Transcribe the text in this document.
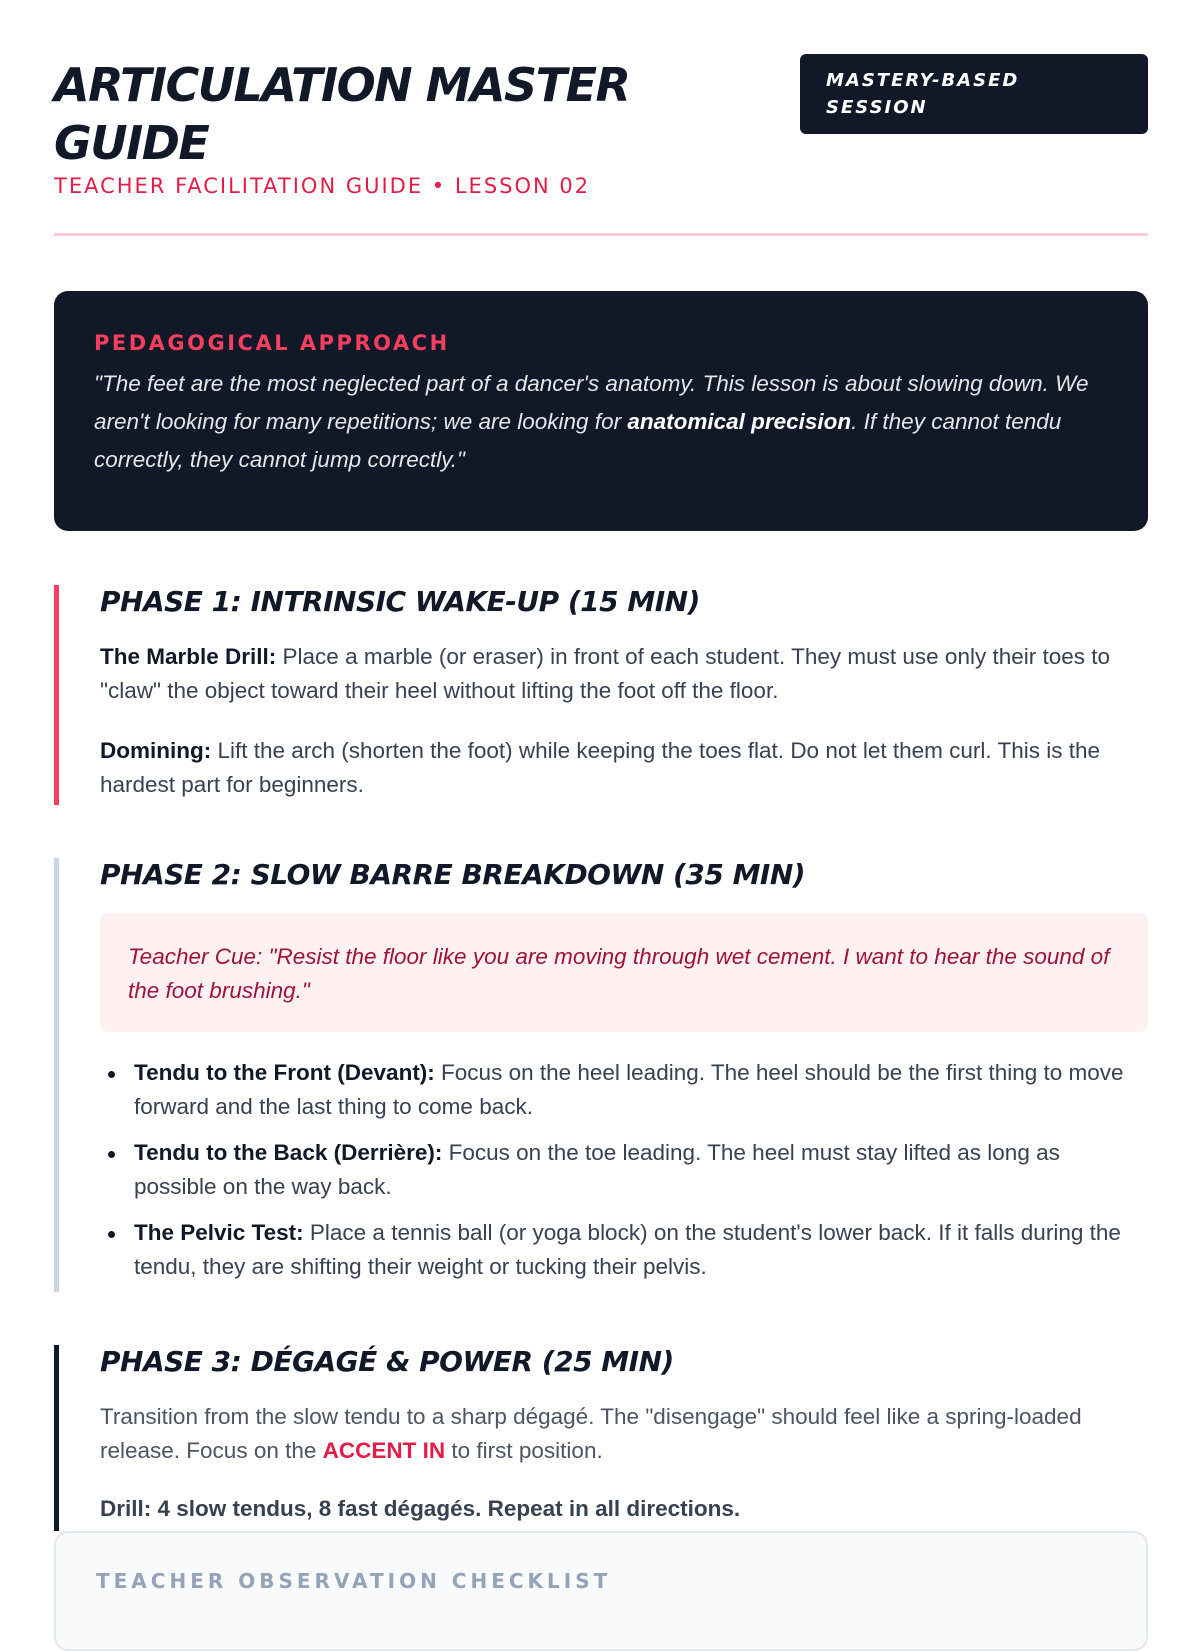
ARTICULATION MASTER GUIDE
TEACHER FACILITATION GUIDE • LESSON 02
MASTERY-BASED
SESSION
PEDAGOGICAL APPROACH

"The feet are the most neglected part of a dancer's anatomy. This lesson is about slowing down. We aren't looking for many repetitions; we are looking for anatomical precision. If they cannot tendu correctly, they cannot jump correctly."

PHASE 1: INTRINSIC WAKE-UP (15 MIN)

The Marble Drill: Place a marble (or eraser) in front of each student. They must use only their toes to "claw" the object toward their heel without lifting the foot off the floor.

Domining: Lift the arch (shorten the foot) while keeping the toes flat. Do not let them curl. This is the hardest part for beginners.

PHASE 2: SLOW BARRE BREAKDOWN (35 MIN)
Teacher Cue: "Resist the floor like you are moving through wet cement. I want to hear the sound of the foot brushing."
Tendu to the Front (Devant): Focus on the heel leading. The heel should be the first thing to move forward and the last thing to come back.
Tendu to the Back (Derrière): Focus on the toe leading. The heel must stay lifted as long as possible on the way back.
The Pelvic Test: Place a tennis ball (or yoga block) on the student's lower back. If it falls during the tendu, they are shifting their weight or tucking their pelvis.
PHASE 3: DÉGAGÉ & POWER (25 MIN)

Transition from the slow tendu to a sharp dégagé. The "disengage" should feel like a spring-loaded release. Focus on the ACCENT IN to first position.

Drill: 4 slow tendus, 8 fast dégagés. Repeat in all directions.

TEACHER OBSERVATION CHECKLIST
